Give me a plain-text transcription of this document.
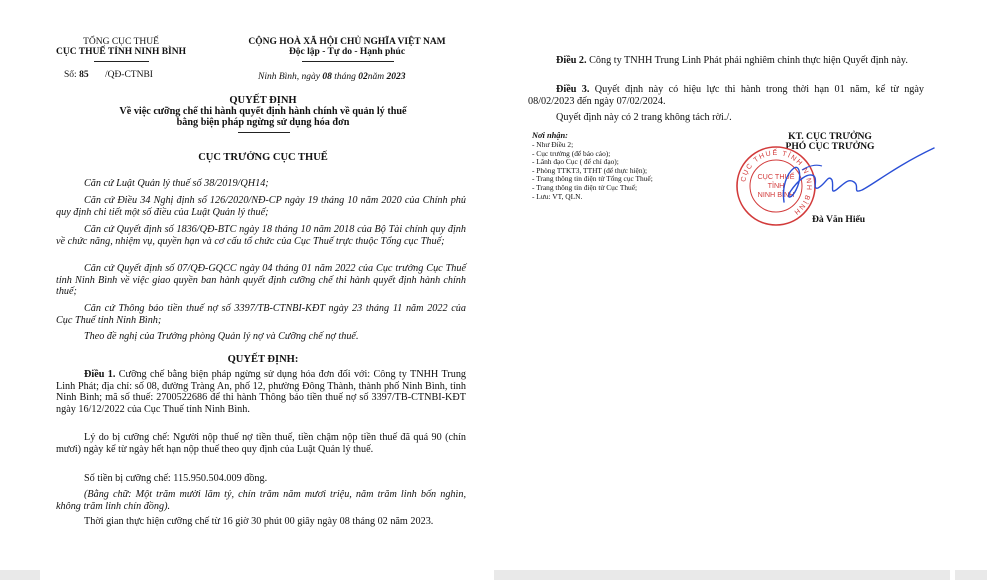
TỔNG CỤC THUẾ
CỤC THUẾ TỈNH NINH BÌNH
CỘNG HOÀ XÃ HỘI CHỦ NGHĨA VIỆT NAM
Độc lập - Tự do - Hạnh phúc
Số: 85 /QĐ-CTNBI	Ninh Bình, ngày 08 tháng 02năm 2023
QUYẾT ĐỊNH
Về việc cưỡng chế thi hành quyết định hành chính về quản lý thuế
bằng biện pháp ngừng sử dụng hóa đơn
CỤC TRƯỞNG CỤC THUẾ
Căn cứ Luật Quản lý thuế số 38/2019/QH14;
Căn cứ Điều 34 Nghị định số 126/2020/NĐ-CP ngày 19 tháng 10 năm 2020 của Chính phủ quy định chi tiết một số điều của Luật Quản lý thuế;
Căn cứ Quyết định số 1836/QĐ-BTC ngày 18 tháng 10 năm 2018 của Bộ Tài chính quy định về chức năng, nhiệm vụ, quyền hạn và cơ cấu tổ chức của Cục Thuế trực thuộc Tổng cục Thuế;
Căn cứ Quyết định số 07/QĐ-GQCC ngày 04 tháng 01 năm 2022 của Cục trưởng Cục Thuế tỉnh Ninh Bình về việc giao quyền ban hành quyết định cưỡng chế thi hành quyết định hành chính thuế;
Căn cứ Thông báo tiền thuế nợ số 3397/TB-CTNBI-KĐT ngày 23 tháng 11 năm 2022 của Cục Thuế tỉnh Ninh Bình;
Theo đề nghị của Trưởng phòng Quản lý nợ và Cưỡng chế nợ thuế.
QUYẾT ĐỊNH:
Điều 1. Cưỡng chế bằng biện pháp ngừng sử dụng hóa đơn đối với: Công ty TNHH Trung Linh Phát; địa chỉ: số 08, đường Tràng An, phố 12, phường Đông Thành, thành phố Ninh Bình, tỉnh Ninh Bình; mã số thuế: 2700522686 để thi hành Thông báo tiền thuế nợ số 3397/TB-CTNBI-KĐT ngày 16/12/2022 của Cục Thuế tỉnh Ninh Bình.
Lý do bị cưỡng chế: Người nộp thuế nợ tiền thuế, tiền chậm nộp tiền thuế đã quá 90 (chín mươi) ngày kể từ ngày hết hạn nộp thuế theo quy định của Luật Quản lý thuế.
Số tiền bị cưỡng chế: 115.950.504.009 đồng.
(Bằng chữ: Một trăm mười lăm tỷ, chín trăm năm mươi triệu, năm trăm linh bốn nghìn, không trăm linh chín đồng).
Thời gian thực hiện cưỡng chế từ 16 giờ 30 phút 00 giây ngày 08 tháng 02 năm 2023.
Điều 2. Công ty TNHH Trung Linh Phát phải nghiêm chỉnh thực hiện Quyết định này.
Điều 3. Quyết định này có hiệu lực thi hành trong thời hạn 01 năm, kể từ ngày 08/02/2023 đến ngày 07/02/2024.
Quyết định này có 2 trang không tách rời./.
Nơi nhận:
- Như Điều 2;
- Cục trưởng (để báo cáo);
- Lãnh đạo Cục ( để chỉ đạo);
- Phòng TTKT3, TTHT (để thực hiện);
- Trang thông tin điện tử Tổng cục Thuế;
- Trang thông tin điện tử Cục Thuế;
- Lưu: VT, QLN.
KT. CỤC TRƯỞNG
PHÓ CỤC TRƯỞNG
CỤC THUẾ TỈNH NINH BÌNH
CỤC THUẾ
TỈNH
NINH BÌNH
Đà Văn Hiếu
